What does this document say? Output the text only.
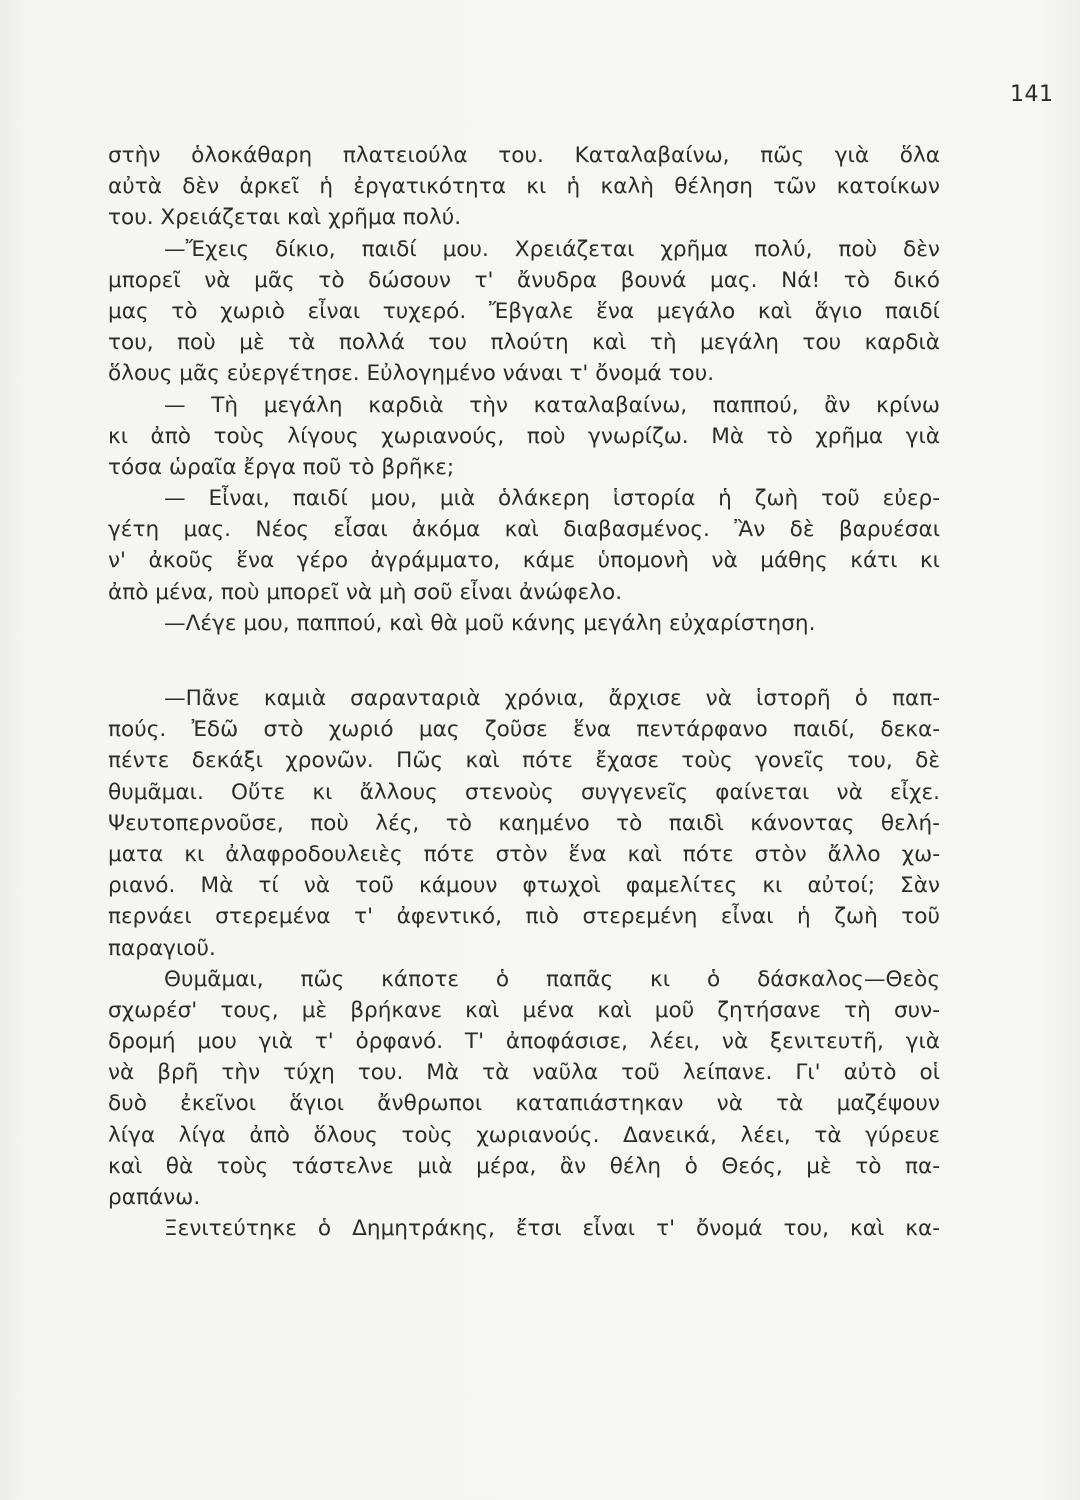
141
στὴν ὁλοκάθαρη πλατειούλα του. Καταλαβαίνω, πῶς γιὰ ὅλα
αὐτὰ δὲν ἀρκεῖ ἡ ἐργατικότητα κι ἡ καλὴ θέληση τῶν κατοίκων
του. Χρειάζεται καὶ χρῆμα πολύ.
—Ἔχεις δίκιο, παιδί μου. Χρειάζεται χρῆμα πολύ, ποὺ δὲν
μπορεῖ νὰ μᾶς τὸ δώσουν τ' ἄνυδρα βουνά μας. Νά! τὸ δικό
μας τὸ χωριὸ εἶναι τυχερό. Ἔβγαλε ἕνα μεγάλο καὶ ἅγιο παιδί
του, ποὺ μὲ τὰ πολλά του πλούτη καὶ τὴ μεγάλη του καρδιὰ
ὅλους μᾶς εὐεργέτησε. Εὐλογημένο νάναι τ' ὄνομά του.
— Τὴ μεγάλη καρδιὰ τὴν καταλαβαίνω, παππού, ἂν κρίνω
κι ἀπὸ τοὺς λίγους χωριανούς, ποὺ γνωρίζω. Μὰ τὸ χρῆμα γιὰ
τόσα ὡραῖα ἔργα ποῦ τὸ βρῆκε;
— Εἶναι, παιδί μου, μιὰ ὁλάκερη ἱστορία ἡ ζωὴ τοῦ εὐερ-
γέτη μας. Νέος εἶσαι ἀκόμα καὶ διαβασμένος. Ἂν δὲ βαρυέσαι
ν' ἀκοῦς ἕνα γέρο ἀγράμματο, κάμε ὑπομονὴ νὰ μάθης κάτι κι
ἀπὸ μένα, ποὺ μπορεῖ νὰ μὴ σοῦ εἶναι ἀνώφελο.
—Λέγε μου, παππού, καὶ θὰ μοῦ κάνης μεγάλη εὐχαρίστηση.
—Πᾶνε καμιὰ σαρανταριὰ χρόνια, ἄρχισε νὰ ἱστορῆ ὁ παπ-
πούς. Ἐδῶ στὸ χωριό μας ζοῦσε ἕνα πεντάρφανο παιδί, δεκα-
πέντε δεκάξι χρονῶν. Πῶς καὶ πότε ἔχασε τοὺς γονεῖς του, δὲ
θυμᾶμαι. Οὔτε κι ἄλλους στενοὺς συγγενεῖς φαίνεται νὰ εἶχε.
Ψευτοπερνοῦσε, ποὺ λές, τὸ καημένο τὸ παιδὶ κάνοντας θελή-
ματα κι ἀλαφροδουλειὲς πότε στὸν ἕνα καὶ πότε στὸν ἄλλο χω-
ριανό. Μὰ τί νὰ τοῦ κάμουν φτωχοὶ φαμελίτες κι αὐτοί; Σὰν
περνάει στερεμένα τ' ἀφεντικό, πιὸ στερεμένη εἶναι ἡ ζωὴ τοῦ
παραγιοῦ.
Θυμᾶμαι, πῶς κάποτε ὁ παπᾶς κι ὁ δάσκαλος—Θεὸς
σχωρέσ' τους, μὲ βρήκανε καὶ μένα καὶ μοῦ ζητήσανε τὴ συν-
δρομή μου γιὰ τ' ὀρφανό. Τ' ἀποφάσισε, λέει, νὰ ξενιτευτῆ, γιὰ
νὰ βρῆ τὴν τύχη του. Μὰ τὰ ναῦλα τοῦ λείπανε. Γι' αὐτὸ οἱ
δυὸ ἐκεῖνοι ἅγιοι ἄνθρωποι καταπιάστηκαν νὰ τὰ μαζέψουν
λίγα λίγα ἀπὸ ὅλους τοὺς χωριανούς. Δανεικά, λέει, τὰ γύρευε
καὶ θὰ τοὺς τάστελνε μιὰ μέρα, ἂν θέλη ὁ Θεός, μὲ τὸ πα-
ραπάνω.
Ξενιτεύτηκε ὁ Δημητράκης, ἔτσι εἶναι τ' ὄνομά του, καὶ κα-
